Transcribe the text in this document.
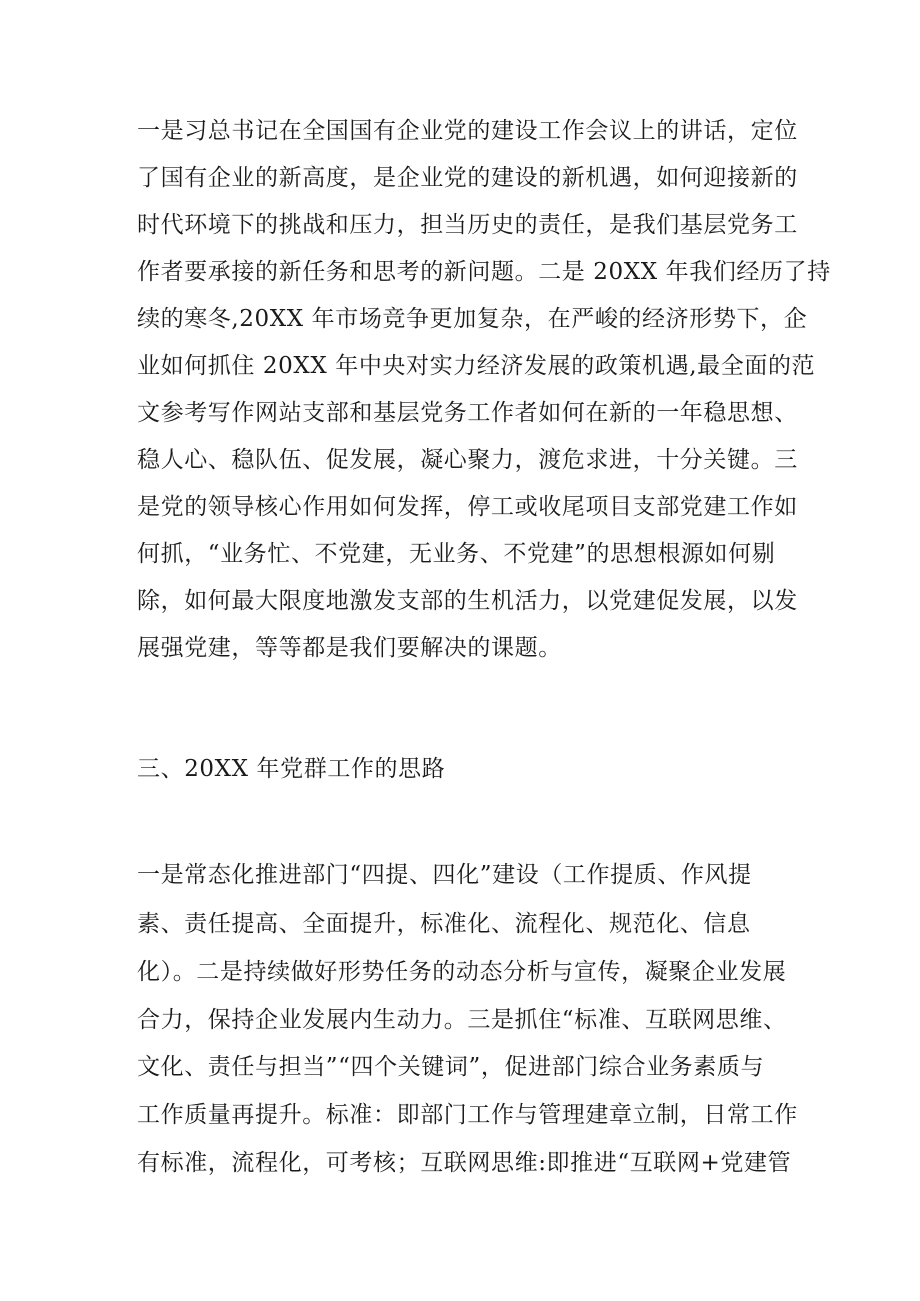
一是习总书记在全国国有企业党的建设工作会议上的讲话，定位
了国有企业的新高度，是企业党的建设的新机遇，如何迎接新的
时代环境下的挑战和压力，担当历史的责任，是我们基层党务工
作者要承接的新任务和思考的新问题。二是 20XX 年我们经历了持
续的寒冬,20XX 年市场竞争更加复杂，在严峻的经济形势下，企
业如何抓住 20XX 年中央对实力经济发展的政策机遇,最全面的范
文参考写作网站支部和基层党务工作者如何在新的一年稳思想、
稳人心、稳队伍、促发展，凝心聚力，渡危求进，十分关键。三
是党的领导核心作用如何发挥，停工或收尾项目支部党建工作如
何抓，“业务忙、不党建，无业务、不党建”的思想根源如何剔
除，如何最大限度地激发支部的生机活力，以党建促发展，以发
展强党建，等等都是我们要解决的课题。
三、20XX 年党群工作的思路
一是常态化推进部门“四提、四化”建设（工作提质、作风提
素、责任提高、全面提升，标准化、流程化、规范化、信息
化）。二是持续做好形势任务的动态分析与宣传，凝聚企业发展
合力，保持企业发展内生动力。三是抓住“标准、互联网思维、
文化、责任与担当”“四个关键词”，促进部门综合业务素质与
工作质量再提升。标准：即部门工作与管理建章立制，日常工作
有标准，流程化，可考核；互联网思维:即推进“互联网+党建管
